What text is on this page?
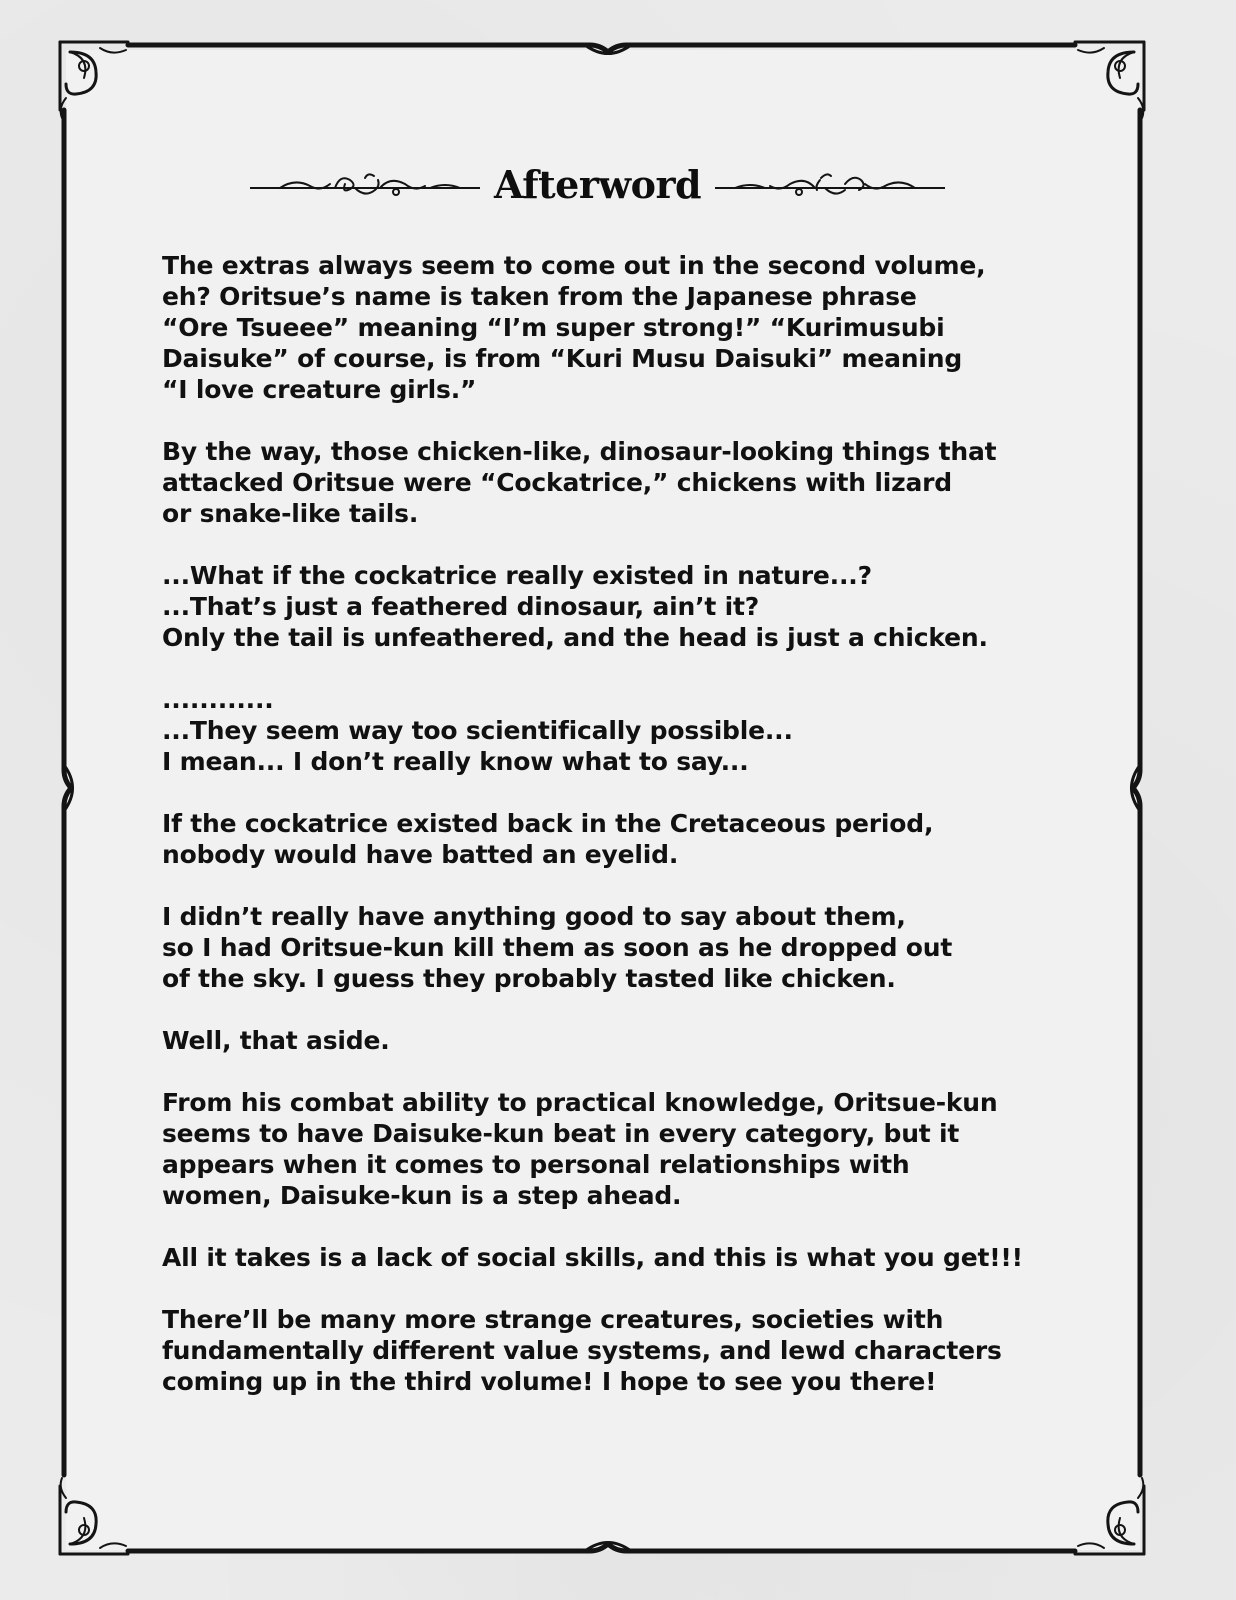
Afterword

The extras always seem to come out in the second volume,
eh? Oritsue’s name is taken from the Japanese phrase
“Ore Tsueee” meaning “I’m super strong!” “Kurimusubi
Daisuke” of course, is from “Kuri Musu Daisuki” meaning
“I love creature girls.”

By the way, those chicken-like, dinosaur-looking things that
attacked Oritsue were “Cockatrice,” chickens with lizard
or snake-like tails.

...What if the cockatrice really existed in nature...?
...That’s just a feathered dinosaur, ain’t it?
Only the tail is unfeathered, and the head is just a chicken.

............
...They seem way too scientifically possible...
I mean... I don’t really know what to say...

If the cockatrice existed back in the Cretaceous period,
nobody would have batted an eyelid.

I didn’t really have anything good to say about them,
so I had Oritsue-kun kill them as soon as he dropped out
of the sky. I guess they probably tasted like chicken.

Well, that aside.

From his combat ability to practical knowledge, Oritsue-kun
seems to have Daisuke-kun beat in every category, but it
appears when it comes to personal relationships with
women, Daisuke-kun is a step ahead.

All it takes is a lack of social skills, and this is what you get!!!

There’ll be many more strange creatures, societies with
fundamentally different value systems, and lewd characters
coming up in the third volume! I hope to see you there!
